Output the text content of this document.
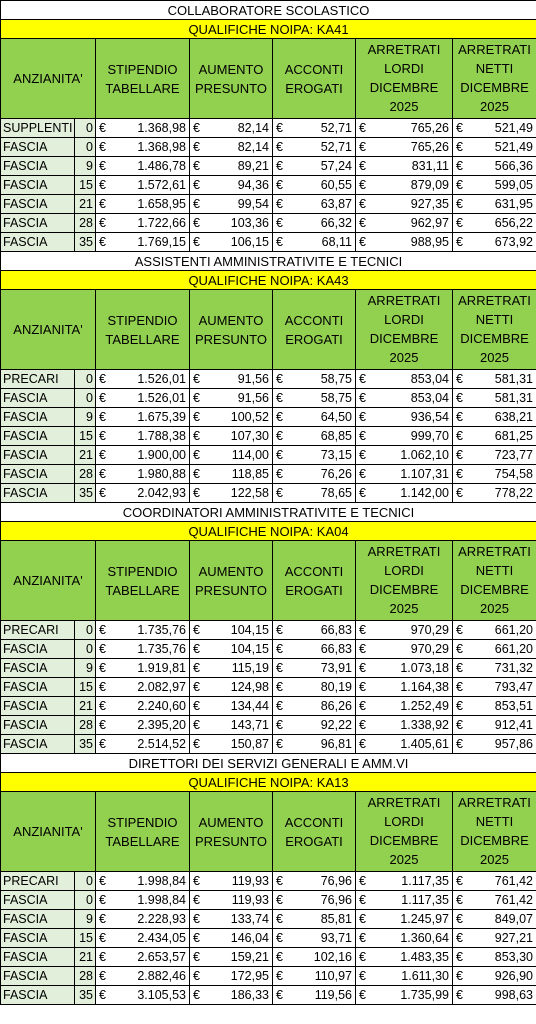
COLLABORATORE SCOLASTICO						
QUALIFICHE NOIPA: KA41						
ANZIANITA'		STIPENDIO TABELLARE	AUMENTO PRESUNTO	ACCONTI EROGATI	ARRETRATI LORDI DICEMBRE 2025	ARRETRATI NETTI DICEMBRE 2025
SUPPLENTI	0	€ 1.368,98	€ 82,14	€ 52,71	€ 765,26	€ 521,49

FASCIA	0	€ 1.368,98	€ 82,14	€ 52,71	€ 765,26	€ 521,49

FASCIA	9	€ 1.486,78	€ 89,21	€ 57,24	€ 831,11	€ 566,36

FASCIA	15	€ 1.572,61	€ 94,36	€ 60,55	€ 879,09	€ 599,05

FASCIA	21	€ 1.658,95	€ 99,54	€ 63,87	€ 927,35	€ 631,95

FASCIA	28	€ 1.722,66	€ 103,36	€ 66,32	€ 962,97	€ 656,22

FASCIA	35	€ 1.769,15	€ 106,15	€ 68,11	€ 988,95	€ 673,92

ASSISTENTI AMMINISTRATIVITE E TECNICI						
QUALIFICHE NOIPA: KA43						
ANZIANITA'		STIPENDIO TABELLARE	AUMENTO PRESUNTO	ACCONTI EROGATI	ARRETRATI LORDI DICEMBRE 2025	ARRETRATI NETTI DICEMBRE 2025
PRECARI	0	€ 1.526,01	€ 91,56	€ 58,75	€ 853,04	€ 581,31

FASCIA	0	€ 1.526,01	€ 91,56	€ 58,75	€ 853,04	€ 581,31

FASCIA	9	€ 1.675,39	€ 100,52	€ 64,50	€ 936,54	€ 638,21

FASCIA	15	€ 1.788,38	€ 107,30	€ 68,85	€ 999,70	€ 681,25

FASCIA	21	€ 1.900,00	€ 114,00	€ 73,15	€ 1.062,10	€ 723,77

FASCIA	28	€ 1.980,88	€ 118,85	€ 76,26	€ 1.107,31	€ 754,58

FASCIA	35	€ 2.042,93	€ 122,58	€ 78,65	€ 1.142,00	€ 778,22

COORDINATORI AMMINISTRATIVITE E TECNICI						
QUALIFICHE NOIPA: KA04						
ANZIANITA'		STIPENDIO TABELLARE	AUMENTO PRESUNTO	ACCONTI EROGATI	ARRETRATI LORDI DICEMBRE 2025	ARRETRATI NETTI DICEMBRE 2025
PRECARI	0	€ 1.735,76	€ 104,15	€ 66,83	€ 970,29	€ 661,20

FASCIA	0	€ 1.735,76	€ 104,15	€ 66,83	€ 970,29	€ 661,20

FASCIA	9	€ 1.919,81	€ 115,19	€ 73,91	€ 1.073,18	€ 731,32

FASCIA	15	€ 2.082,97	€ 124,98	€ 80,19	€ 1.164,38	€ 793,47

FASCIA	21	€ 2.240,60	€ 134,44	€ 86,26	€ 1.252,49	€ 853,51

FASCIA	28	€ 2.395,20	€ 143,71	€ 92,22	€ 1.338,92	€ 912,41

FASCIA	35	€ 2.514,52	€ 150,87	€ 96,81	€ 1.405,61	€ 957,86

DIRETTORI DEI SERVIZI GENERALI E AMM.VI						
QUALIFICHE NOIPA: KA13						
ANZIANITA'		STIPENDIO TABELLARE	AUMENTO PRESUNTO	ACCONTI EROGATI	ARRETRATI LORDI DICEMBRE 2025	ARRETRATI NETTI DICEMBRE 2025
PRECARI	0	€ 1.998,84	€ 119,93	€ 76,96	€ 1.117,35	€ 761,42

FASCIA	0	€ 1.998,84	€ 119,93	€ 76,96	€ 1.117,35	€ 761,42

FASCIA	9	€ 2.228,93	€ 133,74	€ 85,81	€ 1.245,97	€ 849,07

FASCIA	15	€ 2.434,05	€ 146,04	€ 93,71	€ 1.360,64	€ 927,21

FASCIA	21	€ 2.653,57	€ 159,21	€ 102,16	€ 1.483,35	€ 853,30

FASCIA	28	€ 2.882,46	€ 172,95	€ 110,97	€ 1.611,30	€ 926,90

FASCIA	35	€ 3.105,53	€ 186,33	€ 119,56	€ 1.735,99	€ 998,63
